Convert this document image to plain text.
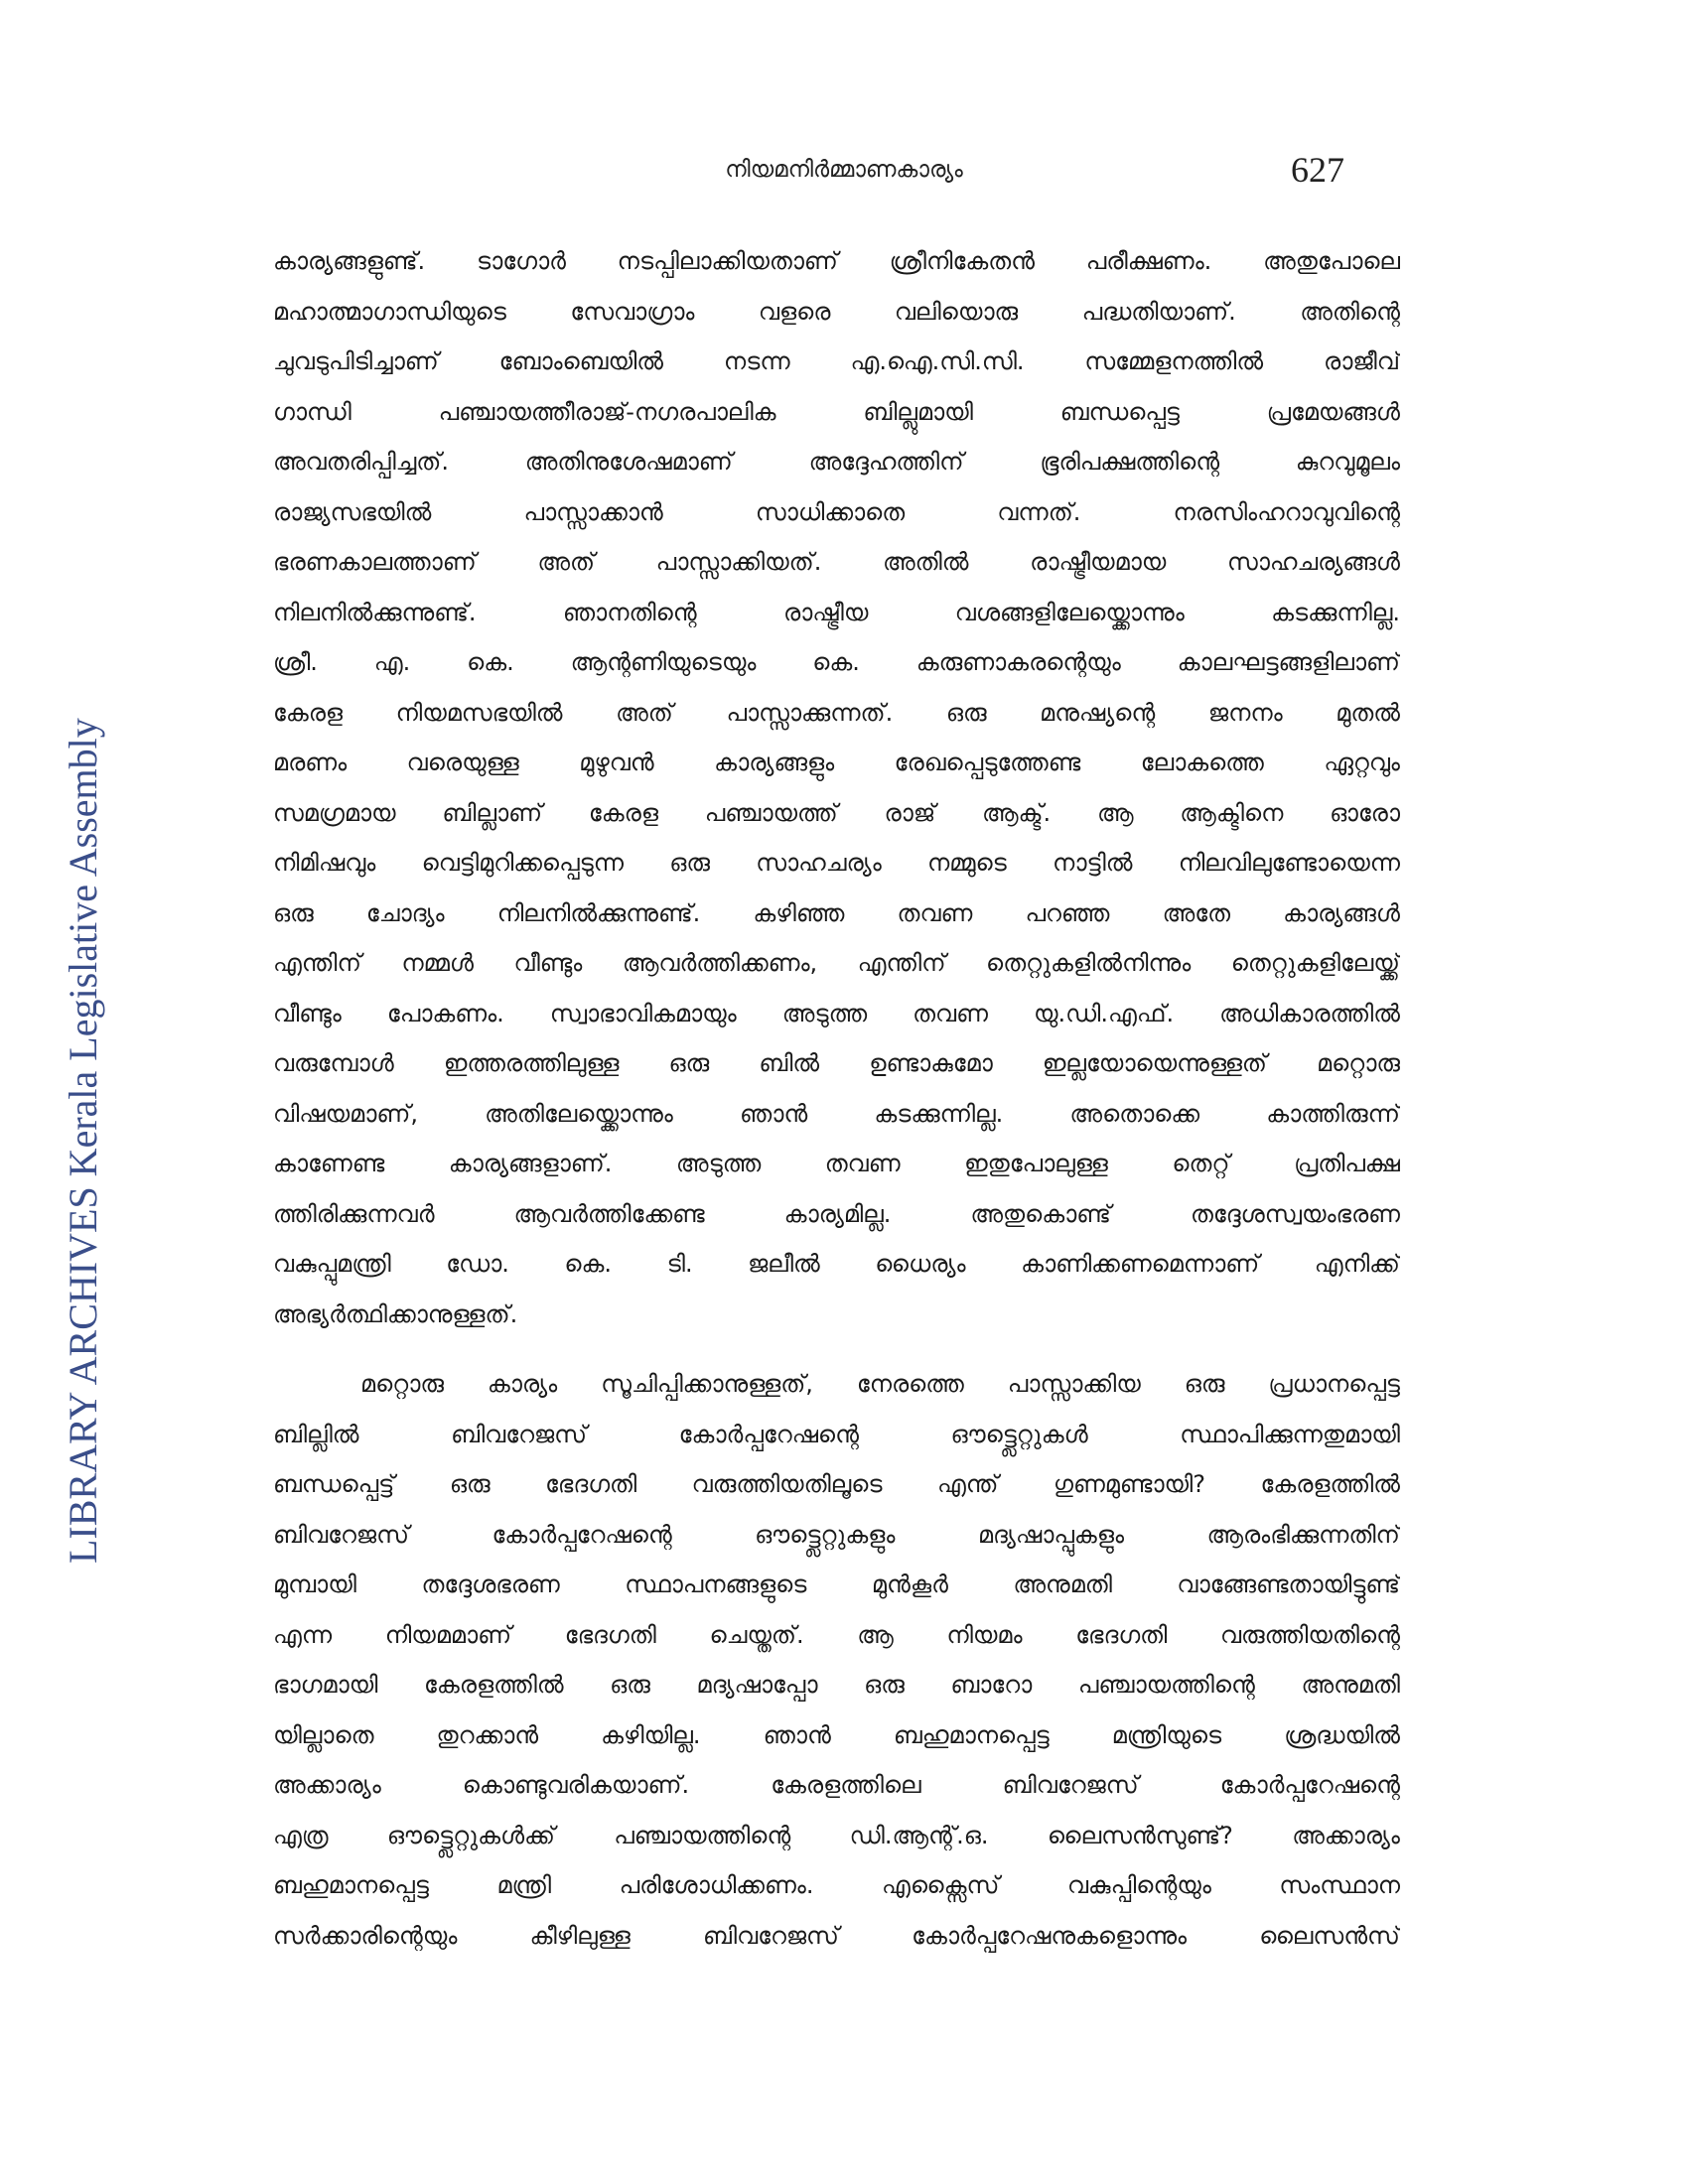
നിയമനിർമ്മാണകാര്യം	627
LIBRARY ARCHIVES Kerala Legislative Assembly
കാര്യങ്ങളുണ്ട്. ടാഗോർ നടപ്പിലാക്കിയതാണ് ശ്രീനികേതൻ പരീക്ഷണം. അതുപോലെ
മഹാത്മാഗാന്ധിയുടെ സേവാഗ്രാം വളരെ വലിയൊരു പദ്ധതിയാണ്. അതിന്റെ
ചുവടുപിടിച്ചാണ് ബോംബെയിൽ നടന്ന എ.ഐ.സി.സി. സമ്മേളനത്തിൽ രാജീവ്
ഗാന്ധി പഞ്ചായത്തീരാജ്-നഗരപാലിക ബില്ലുമായി ബന്ധപ്പെട്ട പ്രമേയങ്ങൾ
അവതരിപ്പിച്ചത്. അതിനുശേഷമാണ് അദ്ദേഹത്തിന് ഭൂരിപക്ഷത്തിന്റെ കുറവുമൂലം
രാജ്യസഭയിൽ പാസ്സാക്കാൻ സാധിക്കാതെ വന്നത്. നരസിംഹറാവുവിന്റെ
ഭരണകാലത്താണ് അത് പാസ്സാക്കിയത്. അതിൽ രാഷ്ട്രീയമായ സാഹചര്യങ്ങൾ
നിലനിൽക്കുന്നുണ്ട്. ഞാനതിന്റെ രാഷ്ട്രീയ വശങ്ങളിലേയ്ക്കൊന്നും കടക്കുന്നില്ല.
ശ്രീ. എ. കെ. ആന്റണിയുടെയും കെ. കരുണാകരന്റെയും കാലഘട്ടങ്ങളിലാണ്
കേരള നിയമസഭയിൽ അത് പാസ്സാക്കുന്നത്. ഒരു മനുഷ്യന്റെ ജനനം മുതൽ
മരണം വരെയുള്ള മുഴുവൻ കാര്യങ്ങളും രേഖപ്പെടുത്തേണ്ട ലോകത്തെ ഏറ്റവും
സമഗ്രമായ ബില്ലാണ് കേരള പഞ്ചായത്ത് രാജ് ആക്ട്. ആ ആക്ടിനെ ഓരോ
നിമിഷവും വെട്ടിമുറിക്കപ്പെടുന്ന ഒരു സാഹചര്യം നമ്മുടെ നാട്ടിൽ നിലവിലുണ്ടോയെന്ന
ഒരു ചോദ്യം നിലനിൽക്കുന്നുണ്ട്. കഴിഞ്ഞ തവണ പറഞ്ഞ അതേ കാര്യങ്ങൾ
എന്തിന് നമ്മൾ വീണ്ടും ആവർത്തിക്കണം, എന്തിന് തെറ്റുകളിൽനിന്നും തെറ്റുകളിലേയ്ക്ക്
വീണ്ടും പോകണം. സ്വാഭാവികമായും അടുത്ത തവണ യു.ഡി.എഫ്. അധികാരത്തിൽ
വരുമ്പോൾ ഇത്തരത്തിലുള്ള ഒരു ബിൽ ഉണ്ടാകുമോ ഇല്ലയോയെന്നുള്ളത് മറ്റൊരു
വിഷയമാണ്, അതിലേയ്ക്കൊന്നും ഞാൻ കടക്കുന്നില്ല. അതൊക്കെ കാത്തിരുന്ന്
കാണേണ്ട കാര്യങ്ങളാണ്. അടുത്ത തവണ ഇതുപോലുള്ള തെറ്റ് പ്രതിപക്ഷ
ത്തിരിക്കുന്നവർ ആവർത്തിക്കേണ്ട കാര്യമില്ല. അതുകൊണ്ട് തദ്ദേശസ്വയംഭരണ
വകുപ്പുമന്ത്രി ഡോ. കെ. ടി. ജലീൽ ധൈര്യം കാണിക്കണമെന്നാണ് എനിക്ക്
അഭ്യർത്ഥിക്കാനുള്ളത്.
മറ്റൊരു കാര്യം സൂചിപ്പിക്കാനുള്ളത്, നേരത്തെ പാസ്സാക്കിയ ഒരു പ്രധാനപ്പെട്ട
ബില്ലിൽ ബിവറേജസ് കോർപ്പറേഷന്റെ ഔട്ട്ലെറ്റുകൾ സ്ഥാപിക്കുന്നതുമായി
ബന്ധപ്പെട്ട് ഒരു ഭേദഗതി വരുത്തിയതിലൂടെ എന്ത് ഗുണമുണ്ടായി? കേരളത്തിൽ
ബിവറേജസ് കോർപ്പറേഷന്റെ ഔട്ട്ലെറ്റുകളും മദ്യഷാപ്പുകളും ആരംഭിക്കുന്നതിന്
മുമ്പായി തദ്ദേശഭരണ സ്ഥാപനങ്ങളുടെ മുൻകൂർ അനുമതി വാങ്ങേണ്ടതായിട്ടുണ്ട്
എന്ന നിയമമാണ് ഭേദഗതി ചെയ്തത്. ആ നിയമം ഭേദഗതി വരുത്തിയതിന്റെ
ഭാഗമായി കേരളത്തിൽ ഒരു മദ്യഷാപ്പോ ഒരു ബാറോ പഞ്ചായത്തിന്റെ അനുമതി
യില്ലാതെ തുറക്കാൻ കഴിയില്ല. ഞാൻ ബഹുമാനപ്പെട്ട മന്ത്രിയുടെ ശ്രദ്ധയിൽ
അക്കാര്യം കൊണ്ടുവരികയാണ്. കേരളത്തിലെ ബിവറേജസ് കോർപ്പറേഷന്റെ
എത്ര ഔട്ട്ലെറ്റുകൾക്ക് പഞ്ചായത്തിന്റെ ഡി.ആന്റ്.ഒ. ലൈസൻസുണ്ട്? അക്കാര്യം
ബഹുമാനപ്പെട്ട മന്ത്രി പരിശോധിക്കണം. എക്സൈസ് വകുപ്പിന്റെയും സംസ്ഥാന
സർക്കാരിന്റെയും കീഴിലുള്ള ബിവറേജസ് കോർപ്പറേഷനുകളൊന്നും ലൈസൻസ്
